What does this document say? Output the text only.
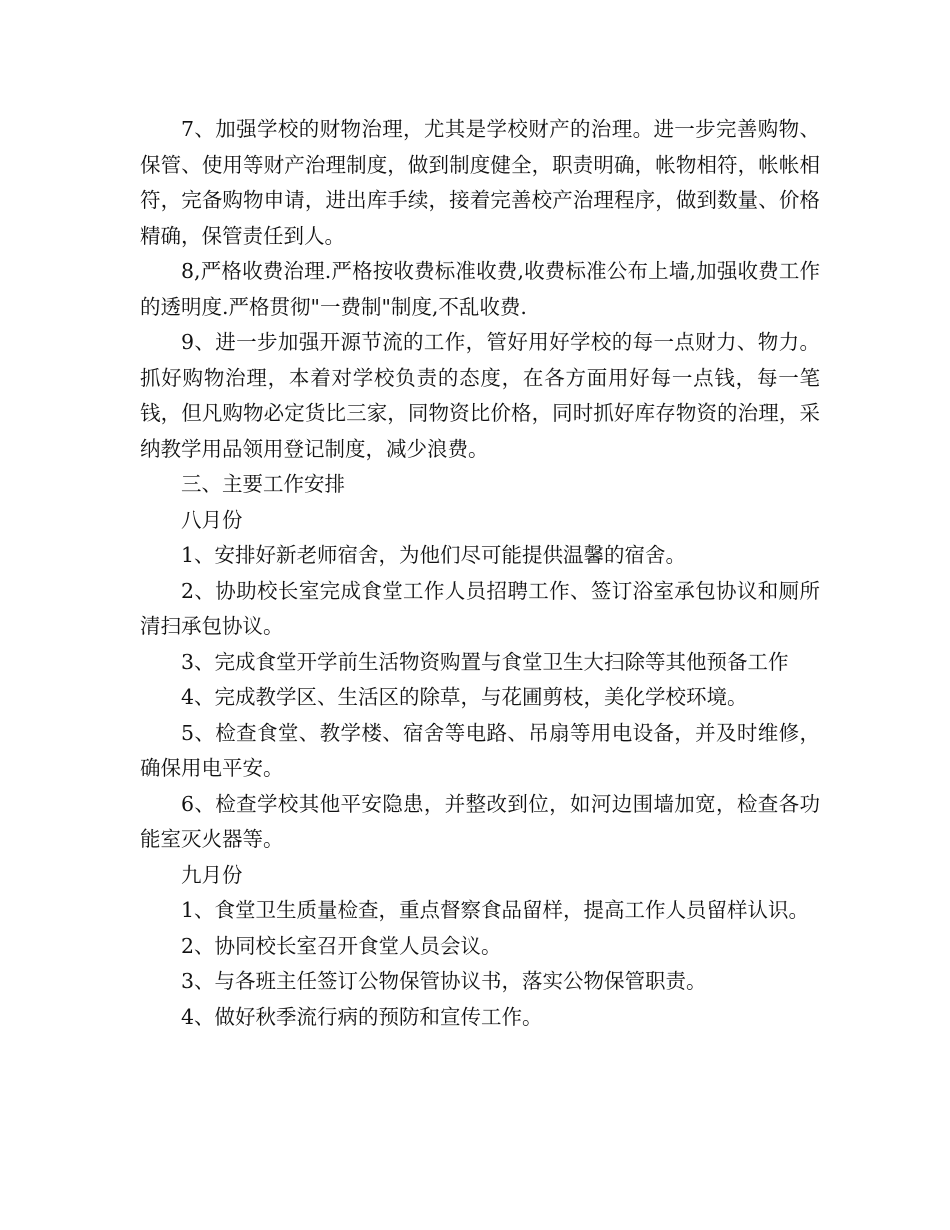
7、加强学校的财物治理，尤其是学校财产的治理。进一步完善购物、保管、使用等财产治理制度，做到制度健全，职责明确，帐物相符，帐帐相符，完备购物申请，进出库手续，接着完善校产治理程序，做到数量、价格精确，保管责任到人。

8,严格收费治理.严格按收费标准收费,收费标准公布上墙,加强收费工作的透明度.严格贯彻"一费制"制度,不乱收费.

9、进一步加强开源节流的工作，管好用好学校的每一点财力、物力。抓好购物治理，本着对学校负责的态度，在各方面用好每一点钱，每一笔钱，但凡购物必定货比三家，同物资比价格，同时抓好库存物资的治理，采纳教学用品领用登记制度，减少浪费。

三、主要工作安排

八月份

1、安排好新老师宿舍，为他们尽可能提供温馨的宿舍。

2、协助校长室完成食堂工作人员招聘工作、签订浴室承包协议和厕所清扫承包协议。

3、完成食堂开学前生活物资购置与食堂卫生大扫除等其他预备工作

4、完成教学区、生活区的除草，与花圃剪枝，美化学校环境。

5、检查食堂、教学楼、宿舍等电路、吊扇等用电设备，并及时维修，确保用电平安。

6、检查学校其他平安隐患，并整改到位，如河边围墙加宽，检查各功能室灭火器等。

九月份

1、食堂卫生质量检查，重点督察食品留样，提高工作人员留样认识。

2、协同校长室召开食堂人员会议。

3、与各班主任签订公物保管协议书，落实公物保管职责。

4、做好秋季流行病的预防和宣传工作。
